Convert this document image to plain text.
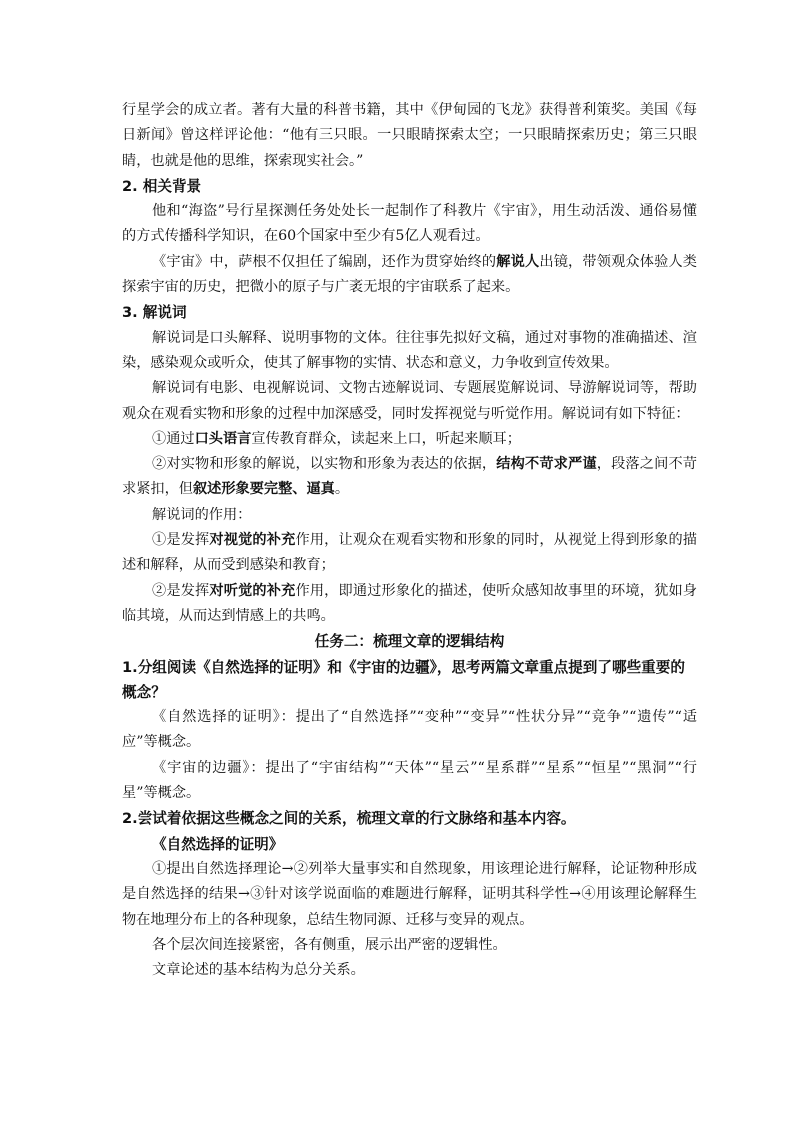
行星学会的成立者。著有大量的科普书籍，其中《伊甸园的飞龙》获得普利策奖。美国《每日新闻》曾这样评论他：“他有三只眼。一只眼睛探索太空；一只眼睛探索历史；第三只眼睛，也就是他的思维，探索现实社会。”

2. 相关背景

他和“海盗”号行星探测任务处处长一起制作了科教片《宇宙》，用生动活泼、通俗易懂的方式传播科学知识，在60个国家中至少有5亿人观看过。

《宇宙》中，萨根不仅担任了编剧，还作为贯穿始终的解说人出镜，带领观众体验人类探索宇宙的历史，把微小的原子与广袤无垠的宇宙联系了起来。

3. 解说词

解说词是口头解释、说明事物的文体。往往事先拟好文稿，通过对事物的准确描述、渲染，感染观众或听众，使其了解事物的实情、状态和意义，力争收到宣传效果。

解说词有电影、电视解说词、文物古迹解说词、专题展览解说词、导游解说词等，帮助观众在观看实物和形象的过程中加深感受，同时发挥视觉与听觉作用。解说词有如下特征：

①通过口头语言宣传教育群众，读起来上口，听起来顺耳；

②对实物和形象的解说，以实物和形象为表达的依据，结构不苛求严谨，段落之间不苛求紧扣，但叙述形象要完整、逼真。

解说词的作用：

①是发挥对视觉的补充作用，让观众在观看实物和形象的同时，从视觉上得到形象的描述和解释，从而受到感染和教育；

②是发挥对听觉的补充作用，即通过形象化的描述，使听众感知故事里的环境，犹如身临其境，从而达到情感上的共鸣。

任务二：梳理文章的逻辑结构

1.分组阅读《自然选择的证明》和《宇宙的边疆》，思考两篇文章重点提到了哪些重要的概念？

《自然选择的证明》：提出了“自然选择”“变种”“变异”“性状分异”“竞争”“遗传”“适应”等概念。

《宇宙的边疆》：提出了“宇宙结构”“天体”“星云”“星系群”“星系”“恒星”“黑洞”“行星”等概念。

2.尝试着依据这些概念之间的关系，梳理文章的行文脉络和基本内容。

《自然选择的证明》

①提出自然选择理论→②列举大量事实和自然现象，用该理论进行解释，论证物种形成是自然选择的结果→③针对该学说面临的难题进行解释，证明其科学性→④用该理论解释生物在地理分布上的各种现象，总结生物同源、迁移与变异的观点。

各个层次间连接紧密，各有侧重，展示出严密的逻辑性。

文章论述的基本结构为总分关系。
